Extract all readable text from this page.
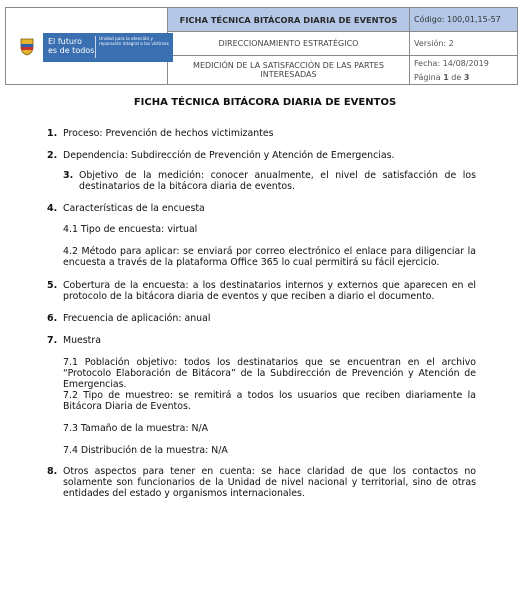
El futuro
es de todos
Unidad para la atención y reparación integral a las víctimas	FICHA TÉCNICA BITÁCORA DIARIA DE EVENTOS	Código: 100,01,15-57
	DIRECCIONAMIENTO ESTRATÉGICO	Versión: 2
	MEDICIÓN DE LA SATISFACCIÓN DE LAS PARTES INTERESADAS	Fecha: 14/08/2019
Página 1 de 3
FICHA TÉCNICA BITÁCORA DIARIA DE EVENTOS
1. Proceso: Prevención de hechos victimizantes
2. Dependencia: Subdirección de Prevención y Atención de Emergencias.
3. Objetivo de la medición: conocer anualmente, el nivel de satisfacción de los destinatarios de la bitácora diaria de eventos.
4. Características de la encuesta
4.1 Tipo de encuesta: virtual
4.2 Método para aplicar: se enviará por correo electrónico el enlace para diligenciar la encuesta a través de la plataforma Office 365 lo cual permitirá su fácil ejercicio.
5. Cobertura de la encuesta: a los destinatarios internos y externos que aparecen en el protocolo de la bitácora diaria de eventos y que reciben a diario el documento.
6. Frecuencia de aplicación: anual
7. Muestra
7.1 Población objetivo: todos los destinatarios que se encuentran en el archivo “Protocolo Elaboración de Bitácora” de la Subdirección de Prevención y Atención de Emergencias.
7.2 Tipo de muestreo: se remitirá a todos los usuarios que reciben diariamente la Bitácora Diaria de Eventos.
7.3 Tamaño de la muestra: N/A
7.4 Distribución de la muestra: N/A
8. Otros aspectos para tener en cuenta: se hace claridad de que los contactos no solamente son funcionarios de la Unidad de nivel nacional y territorial, sino de otras entidades del estado y organismos internacionales.
